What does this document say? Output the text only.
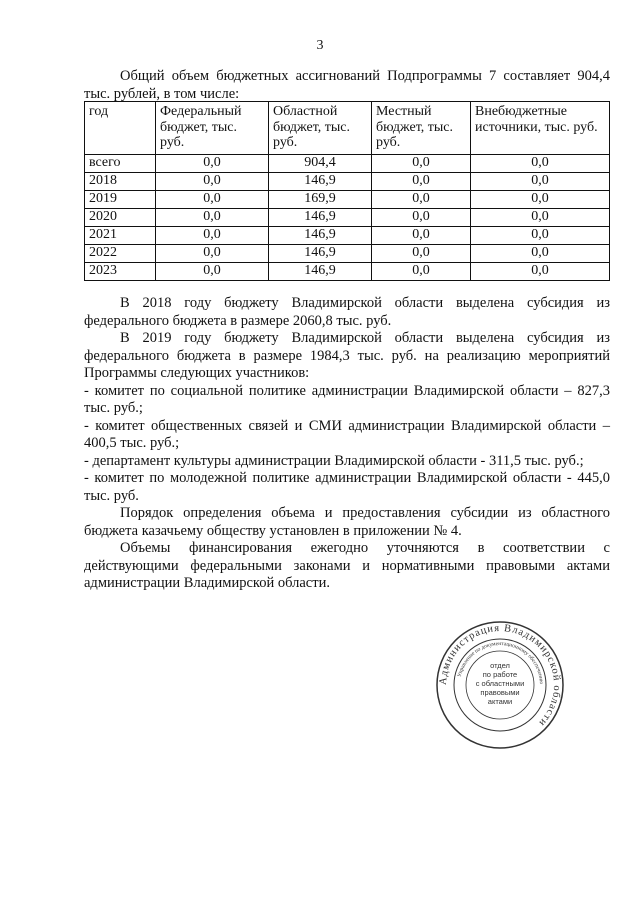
3
Общий объем бюджетных ассигнований Подпрограммы 7 составляет 904,4 тыс. рублей, в том числе:
год	Федеральный бюджет, тыс. руб.	Областной бюджет, тыс. руб.	Местный бюджет, тыс. руб.	Внебюджетные источники, тыс. руб.
всего	0,0	904,4	0,0	0,0
2018	0,0	146,9	0,0	0,0
2019	0,0	169,9	0,0	0,0
2020	0,0	146,9	0,0	0,0
2021	0,0	146,9	0,0	0,0
2022	0,0	146,9	0,0	0,0
2023	0,0	146,9	0,0	0,0

В 2018 году бюджету Владимирской области выделена субсидия из федерального бюджета в размере 2060,8 тыс. руб.

В 2019 году бюджету Владимирской области выделена субсидия из федерального бюджета в размере 1984,3 тыс. руб. на реализацию мероприятий Программы следующих участников:

- комитет по социальной политике администрации Владимирской области – 827,3 тыс. руб.;

- комитет общественных связей и СМИ администрации Владимирской области – 400,5 тыс. руб.;

- департамент культуры администрации Владимирской области - 311,5 тыс. руб.;

- комитет по молодежной политике администрации Владимирской области - 445,0 тыс. руб.

Порядок определения объема и предоставления субсидии из областного бюджета казачьему обществу установлен в приложении № 4.

Объемы финансирования ежегодно уточняются в соответствии с действующими федеральными законами и нормативными правовыми актами администрации Владимирской области.

Администрация Владимирской области
Управление по документационному обеспечению
отдел
по работе
с областными
правовыми
актами
